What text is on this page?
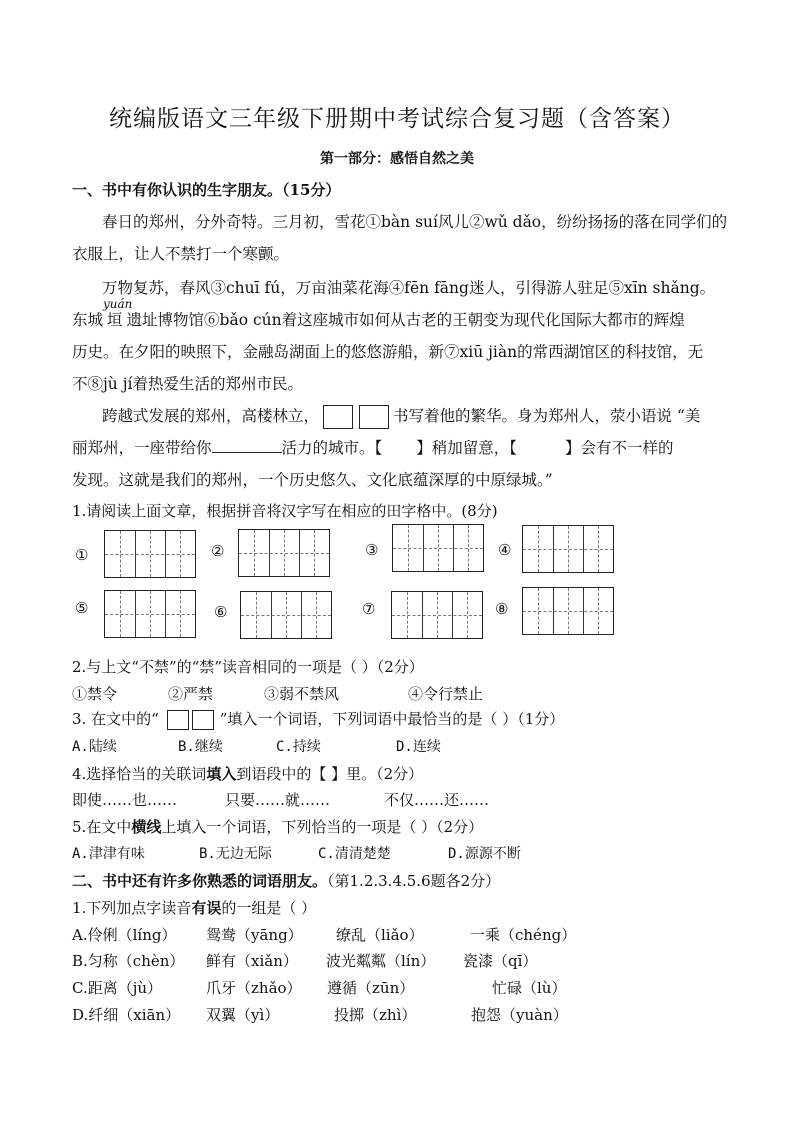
统编版语文三年级下册期中考试综合复习题（含答案）
第一部分：感悟自然之美
一、书中有你认识的生字朋友。（15分）
春日的郑州，分外奇特。三月初，雪花①bàn suí风儿②wǔ dǎo，纷纷扬扬的落在同学们的
衣服上，让人不禁打一个寒颤。
万物复苏，春风③chuī fú，万亩油菜花海④fēn fāng迷人，引得游人驻足⑤xīn shǎng。
yuán
东城 垣 遗址博物馆⑥bǎo cún着这座城市如何从古老的王朝变为现代化国际大都市的辉煌
历史。在夕阳的映照下，金融岛湖面上的悠悠游船，新⑦xiū jiàn的常西湖馆区的科技馆，无
不⑧jù jí着热爱生活的郑州市民。
跨越式发展的郑州，高楼林立，	书写着他的繁华。身为郑州人，荥小语说 “美
丽郑州，一座带给你	活力的城市。【 】稍加留意，【	】会有不一样的
发现。这就是我们的郑州，一个历史悠久、文化底蕴深厚的中原绿城。”
1.请阅读上面文章，根据拼音将汉字写在相应的田字格中。(8分)
①	②	③	④
⑤	⑥	⑦	⑧
2.与上文“不禁”的“禁”读音相同的一项是（ ）（2分）
①禁令	②严禁	③弱不禁风	④令行禁止
3. 在文中的“	”填入一个词语，下列词语中最恰当的是（ ）（1分）
A.陆续	B.继续	C.持续	D.连续
4.选择恰当的关联词填入到语段中的【 】里。（2分）
即使……也……	只要……就……	不仅……还……
5.在文中横线上填入一个词语，下列恰当的一项是（ ）（2分）
A.津津有味	B.无边无际	C.清清楚楚	D.源源不断
二、书中还有许多你熟悉的词语朋友。（第1.2.3.4.5.6题各2分）
1.下列加点字读音有误的一组是（ ）
A.伶俐（líng） 鸳鸯（yāng） 缭乱（liǎo）	一乘（chéng）
B.匀称（chèn） 鲜有（xiǎn） 波光粼粼（lín） 瓷漆（qī）
C.距离（jù）	爪牙（zhǎo） 遵循（zūn）	忙碌（lù）
D.纤细（xiān） 双翼（yì）	投掷（zhì）	抱怨（yuàn）
